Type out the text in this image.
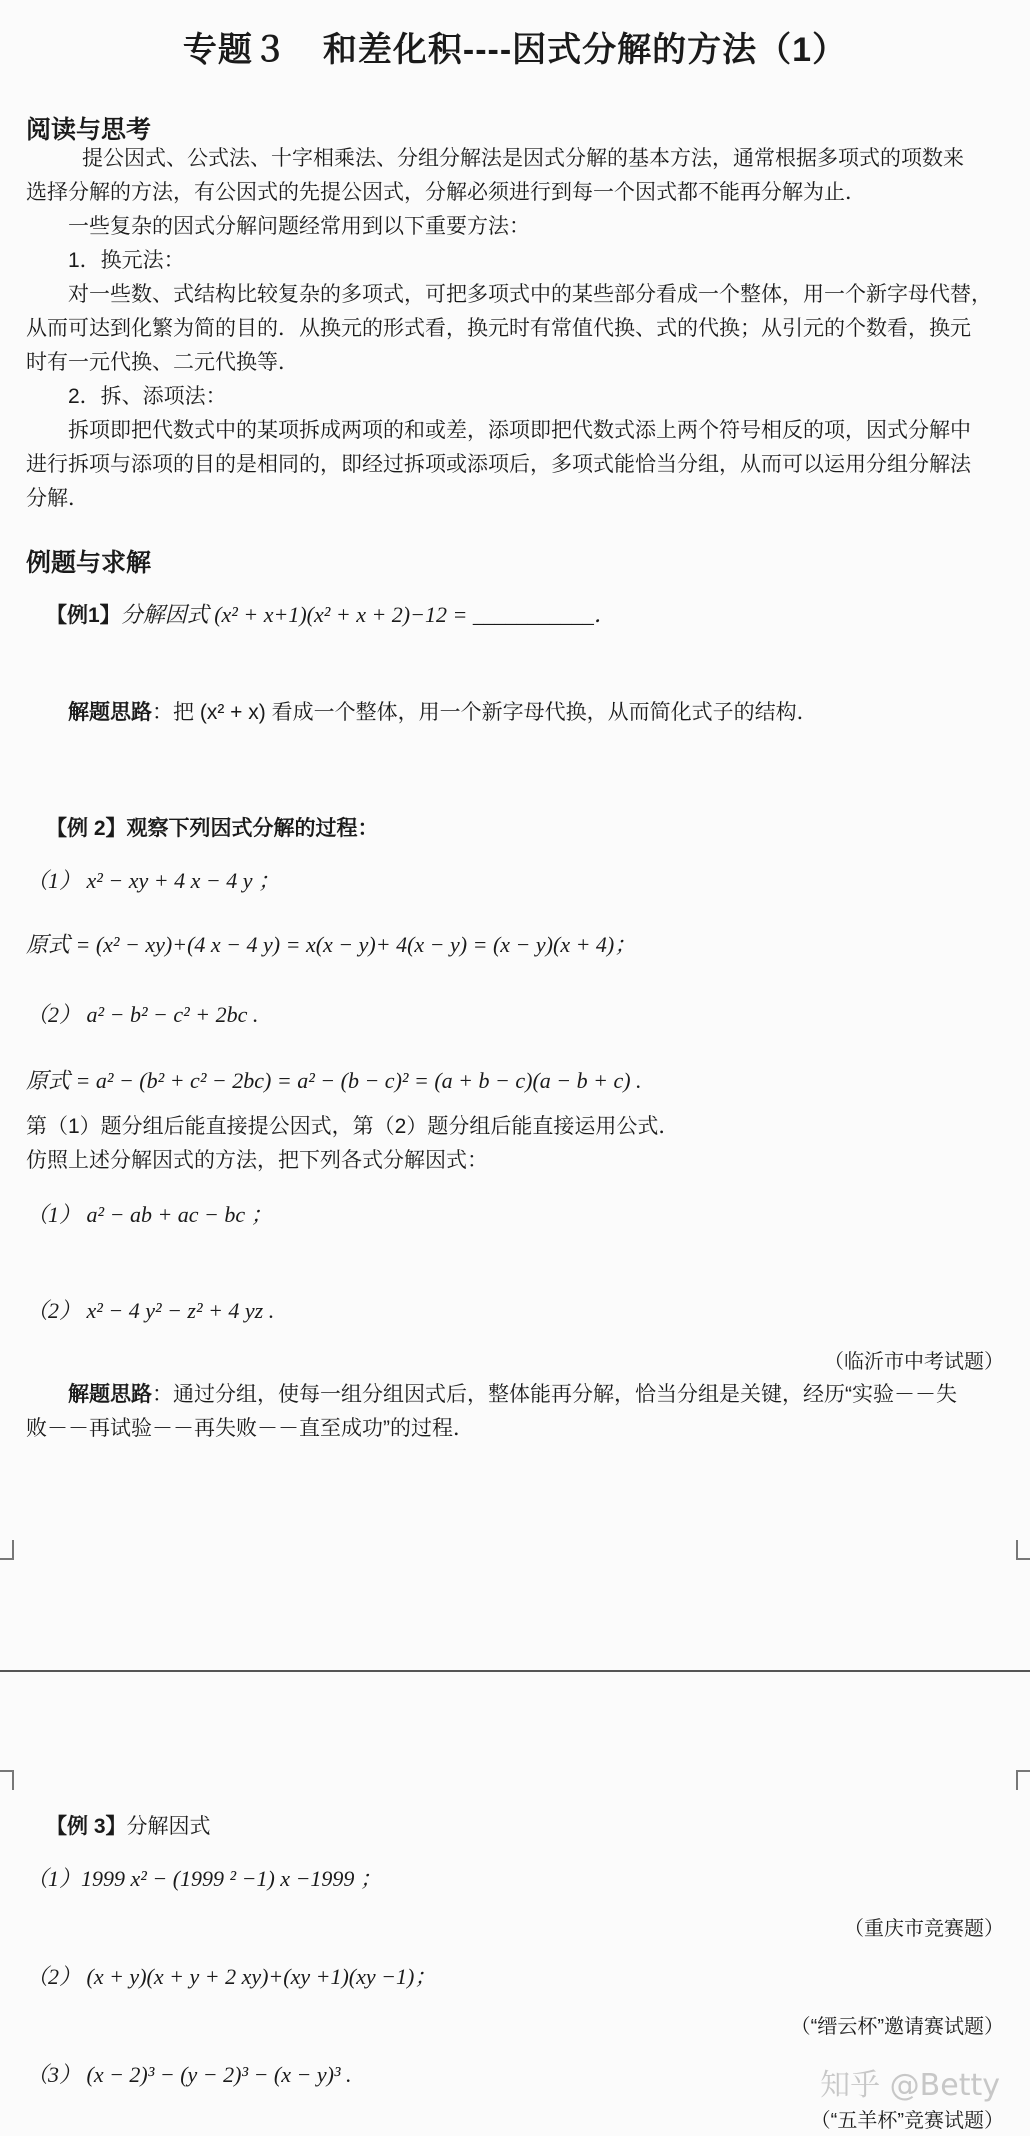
专题３　和差化积----因式分解的方法（1）
阅读与思考
提公因式、公式法、十字相乘法、分组分解法是因式分解的基本方法，通常根据多项式的项数来
选择分解的方法，有公因式的先提公因式，分解必须进行到每一个因式都不能再分解为止．
一些复杂的因式分解问题经常用到以下重要方法：
1．换元法：
对一些数、式结构比较复杂的多项式，可把多项式中的某些部分看成一个整体，用一个新字母代替，
从而可达到化繁为简的目的．从换元的形式看，换元时有常值代换、式的代换；从引元的个数看，换元
时有一元代换、二元代换等．
2．拆、添项法：
拆项即把代数式中的某项拆成两项的和或差，添项即把代数式添上两个符号相反的项，因式分解中
进行拆项与添项的目的是相同的，即经过拆项或添项后，多项式能恰当分组，从而可以运用分组分解法
分解．
例题与求解
【例1】分解因式 (x² + x+1)(x² + x + 2)−12 = ___________．
解题思路：把 (x² + x) 看成一个整体，用一个新字母代换，从而简化式子的结构．
【例 2】观察下列因式分解的过程：
（1） x² − xy + 4 x − 4 y ；
原式 = (x² − xy)+(4 x − 4 y) = x(x − y)+ 4(x − y) = (x − y)(x + 4)；
（2） a² − b² − c² + 2bc .
原式 = a² − (b² + c² − 2bc) = a² − (b − c)² = (a + b − c)(a − b + c) .
第（1）题分组后能直接提公因式，第（2）题分组后能直接运用公式．
仿照上述分解因式的方法，把下列各式分解因式：
（1） a² − ab + ac − bc ；
（2） x² − 4 y² − z² + 4 yz .
（临沂市中考试题）
解题思路：通过分组，使每一组分组因式后，整体能再分解，恰当分组是关键，经历“实验－－失
败－－再试验－－再失败－－直至成功”的过程．
【例 3】分解因式
（1）1999 x² − (1999 ² −1) x −1999 ；
（重庆市竞赛题）
（2） (x + y)(x + y + 2 xy)+(xy +1)(xy −1)；
（“缙云杯”邀请赛试题）
（3） (x − 2)³ − (y − 2)³ − (x − y)³ .
（“五羊杯”竞赛试题）
知乎 @Betty
